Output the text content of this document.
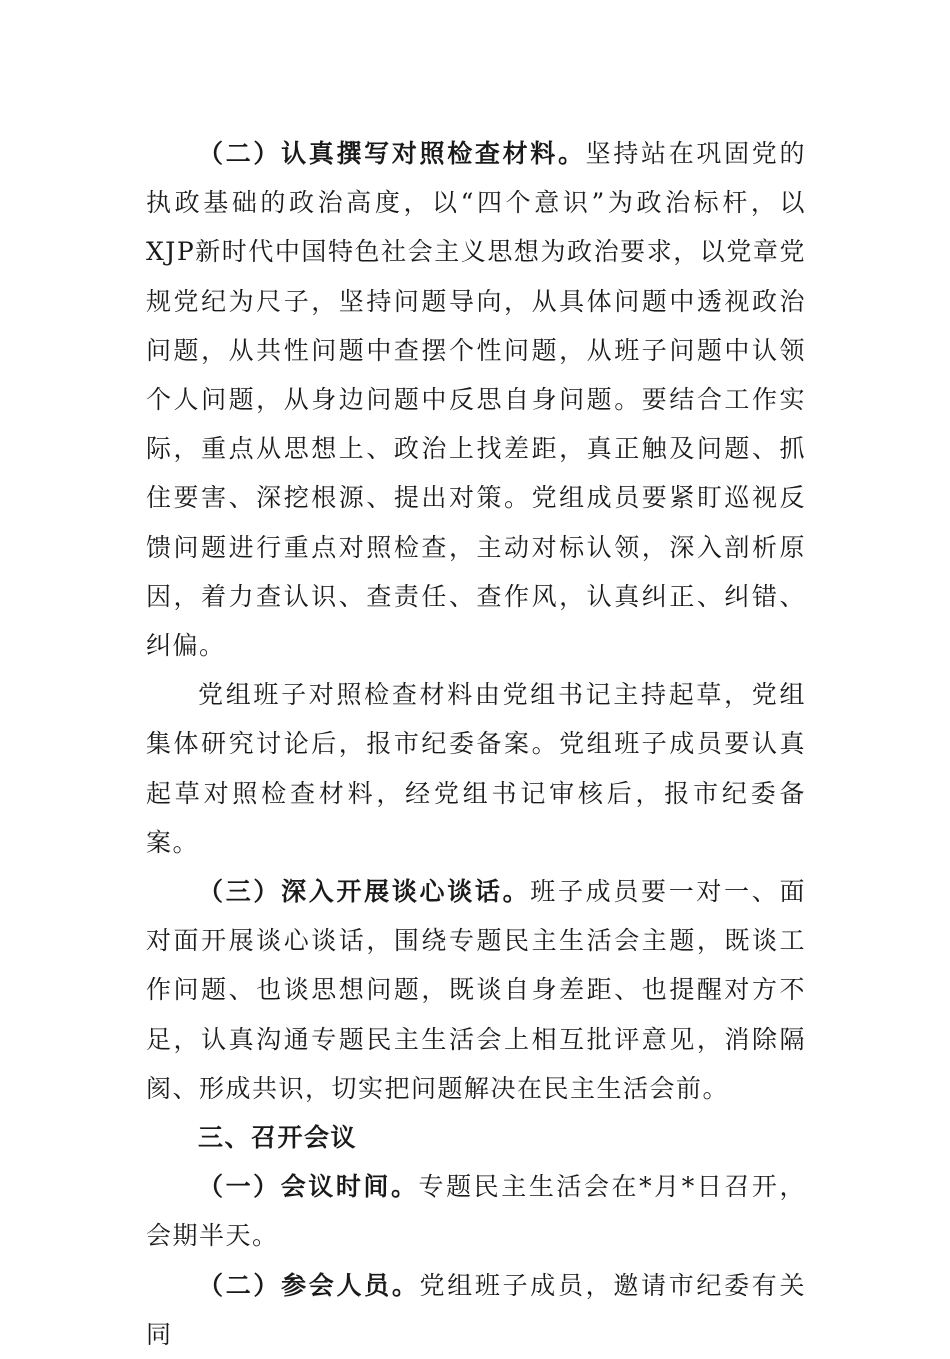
（二）认真撰写对照检查材料。坚持站在巩固党的执政基础的政治高度，以“四个意识”为政治标杆，以XJP新时代中国特色社会主义思想为政治要求，以党章党规党纪为尺子，坚持问题导向，从具体问题中透视政治问题，从共性问题中查摆个性问题，从班子问题中认领个人问题，从身边问题中反思自身问题。要结合工作实际，重点从思想上、政治上找差距，真正触及问题、抓住要害、深挖根源、提出对策。党组成员要紧盯巡视反馈问题进行重点对照检查，主动对标认领，深入剖析原因，着力查认识、查责任、查作风，认真纠正、纠错、纠偏。

党组班子对照检查材料由党组书记主持起草，党组集体研究讨论后，报市纪委备案。党组班子成员要认真起草对照检查材料，经党组书记审核后，报市纪委备案。

（三）深入开展谈心谈话。班子成员要一对一、面对面开展谈心谈话，围绕专题民主生活会主题，既谈工作问题、也谈思想问题，既谈自身差距、也提醒对方不足，认真沟通专题民主生活会上相互批评意见，消除隔阂、形成共识，切实把问题解决在民主生活会前。

三、召开会议

（一）会议时间。专题民主生活会在*月*日召开，会期半天。

（二）参会人员。党组班子成员，邀请市纪委有关同
